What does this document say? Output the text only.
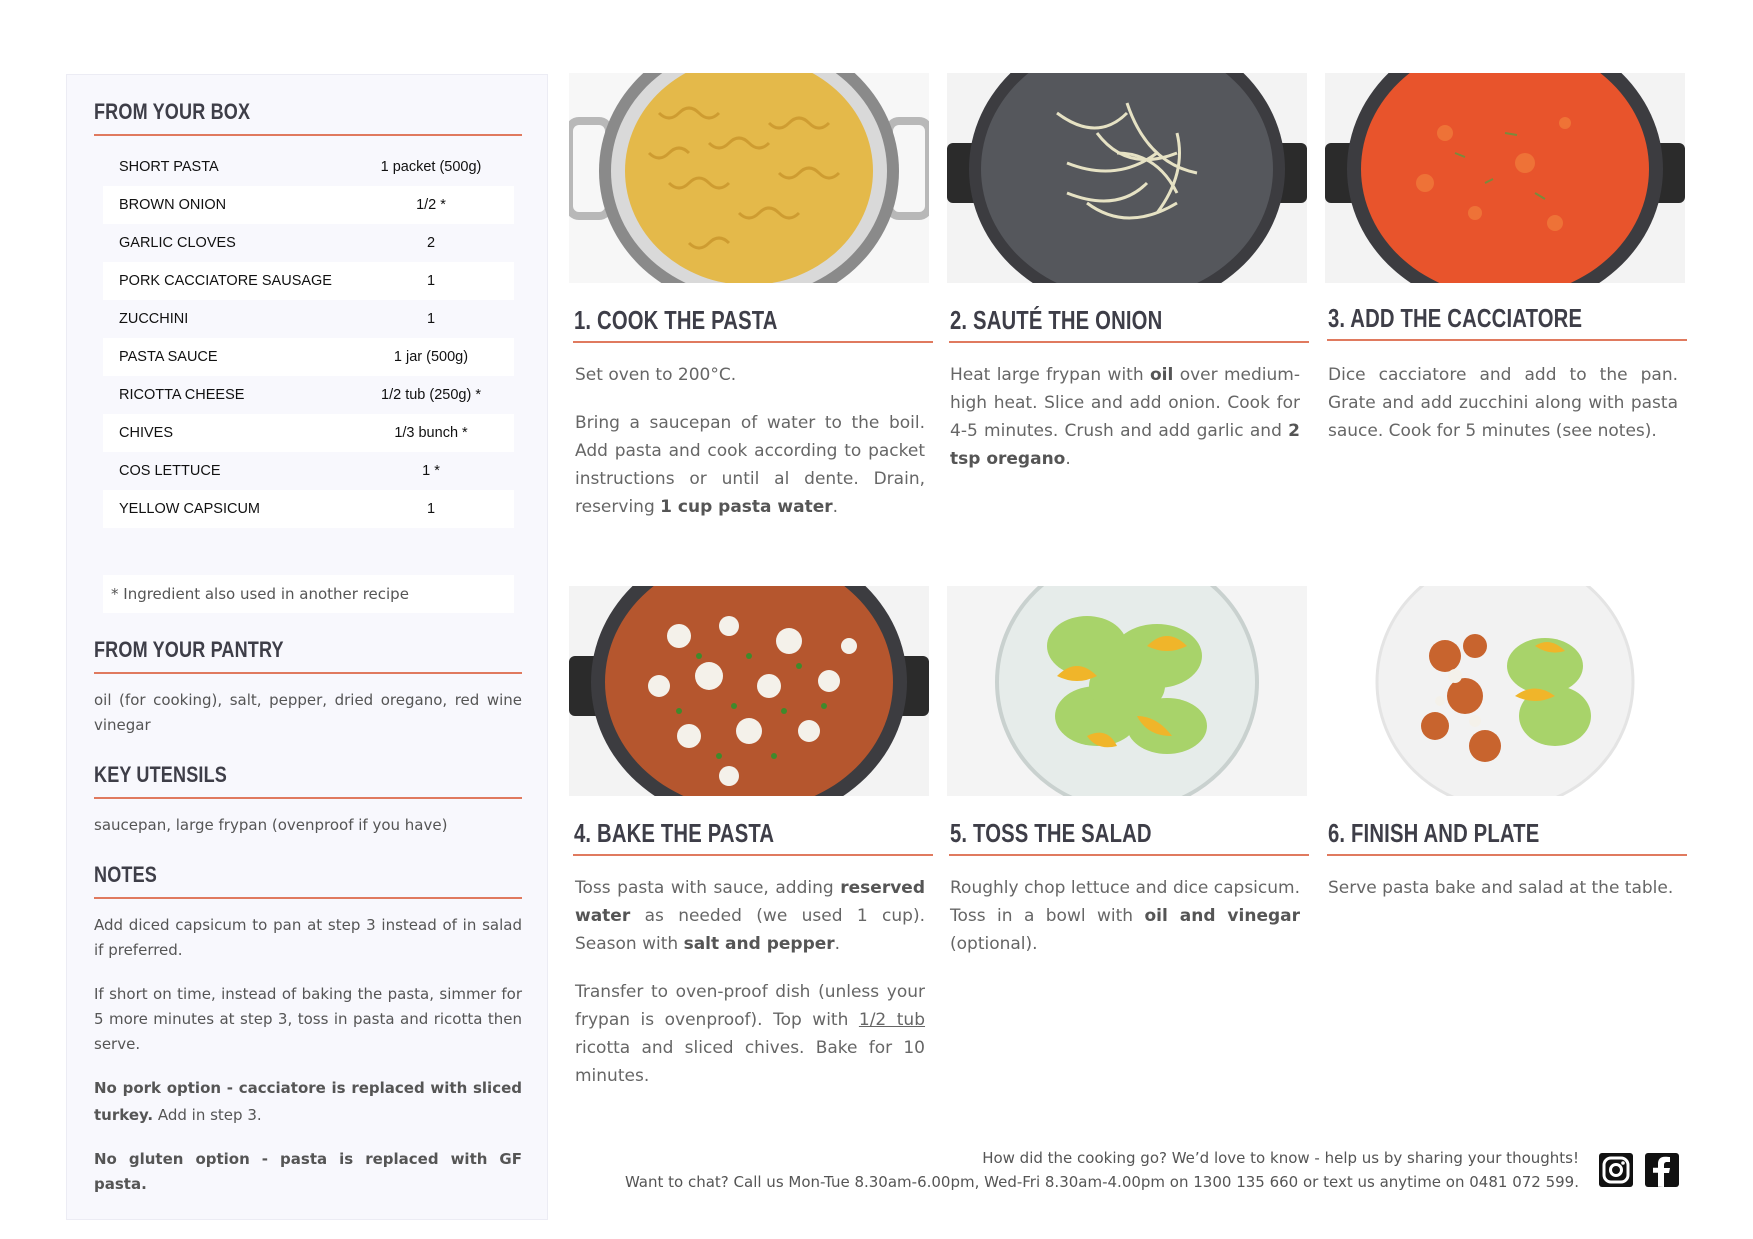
FROM YOUR BOX
SHORT PASTA	1 packet (500g)
BROWN ONION	1/2 *
GARLIC CLOVES	2
PORK CACCIATORE SAUSAGE	1
ZUCCHINI	1
PASTA SAUCE	1 jar (500g)
RICOTTA CHEESE	1/2 tub (250g) *
CHIVES	1/3 bunch *
COS LETTUCE	1 *
YELLOW CAPSICUM	1
* Ingredient also used in another recipe
FROM YOUR PANTRY
oil (for cooking), salt, pepper, dried oregano, red wine vinegar
KEY UTENSILS
saucepan, large frypan (ovenproof if you have)
NOTES
Add diced capsicum to pan at step 3 instead of in salad if preferred.
If short on time, instead of baking the pasta, simmer for 5 more minutes at step 3, toss in pasta and ricotta then serve.
No pork option - cacciatore is replaced with sliced turkey. Add in step 3.
No gluten option - pasta is replaced with GF pasta.
1. COOK THE PASTA	2. SAUTÉ THE ONION	3. ADD THE CACCIATORE

Set oven to 200°C.

Bring a saucepan of water to the boil. Add pasta and cook according to packet instructions or until al dente. Drain, reserving 1 cup pasta water.

Heat large frypan with oil over medium-high heat. Slice and add onion. Cook for 4-5 minutes. Crush and add garlic and 2 tsp oregano.

Dice cacciatore and add to the pan. Grate and add zucchini along with pasta sauce. Cook for 5 minutes (see notes).

4. BAKE THE PASTA	5. TOSS THE SALAD	6. FINISH AND PLATE

Toss pasta with sauce, adding reserved water as needed (we used 1 cup). Season with salt and pepper.

Transfer to oven-proof dish (unless your frypan is ovenproof). Top with 1/2 tub ricotta and sliced chives. Bake for 10 minutes.

Roughly chop lettuce and dice capsicum. Toss in a bowl with oil and vinegar (optional).

Serve pasta bake and salad at the table.

How did the cooking go? We’d love to know - help us by sharing your thoughts!
Want to chat? Call us Mon-Tue 8.30am-6.00pm, Wed-Fri 8.30am-4.00pm on 1300 135 660 or text us anytime on 0481 072 599.
